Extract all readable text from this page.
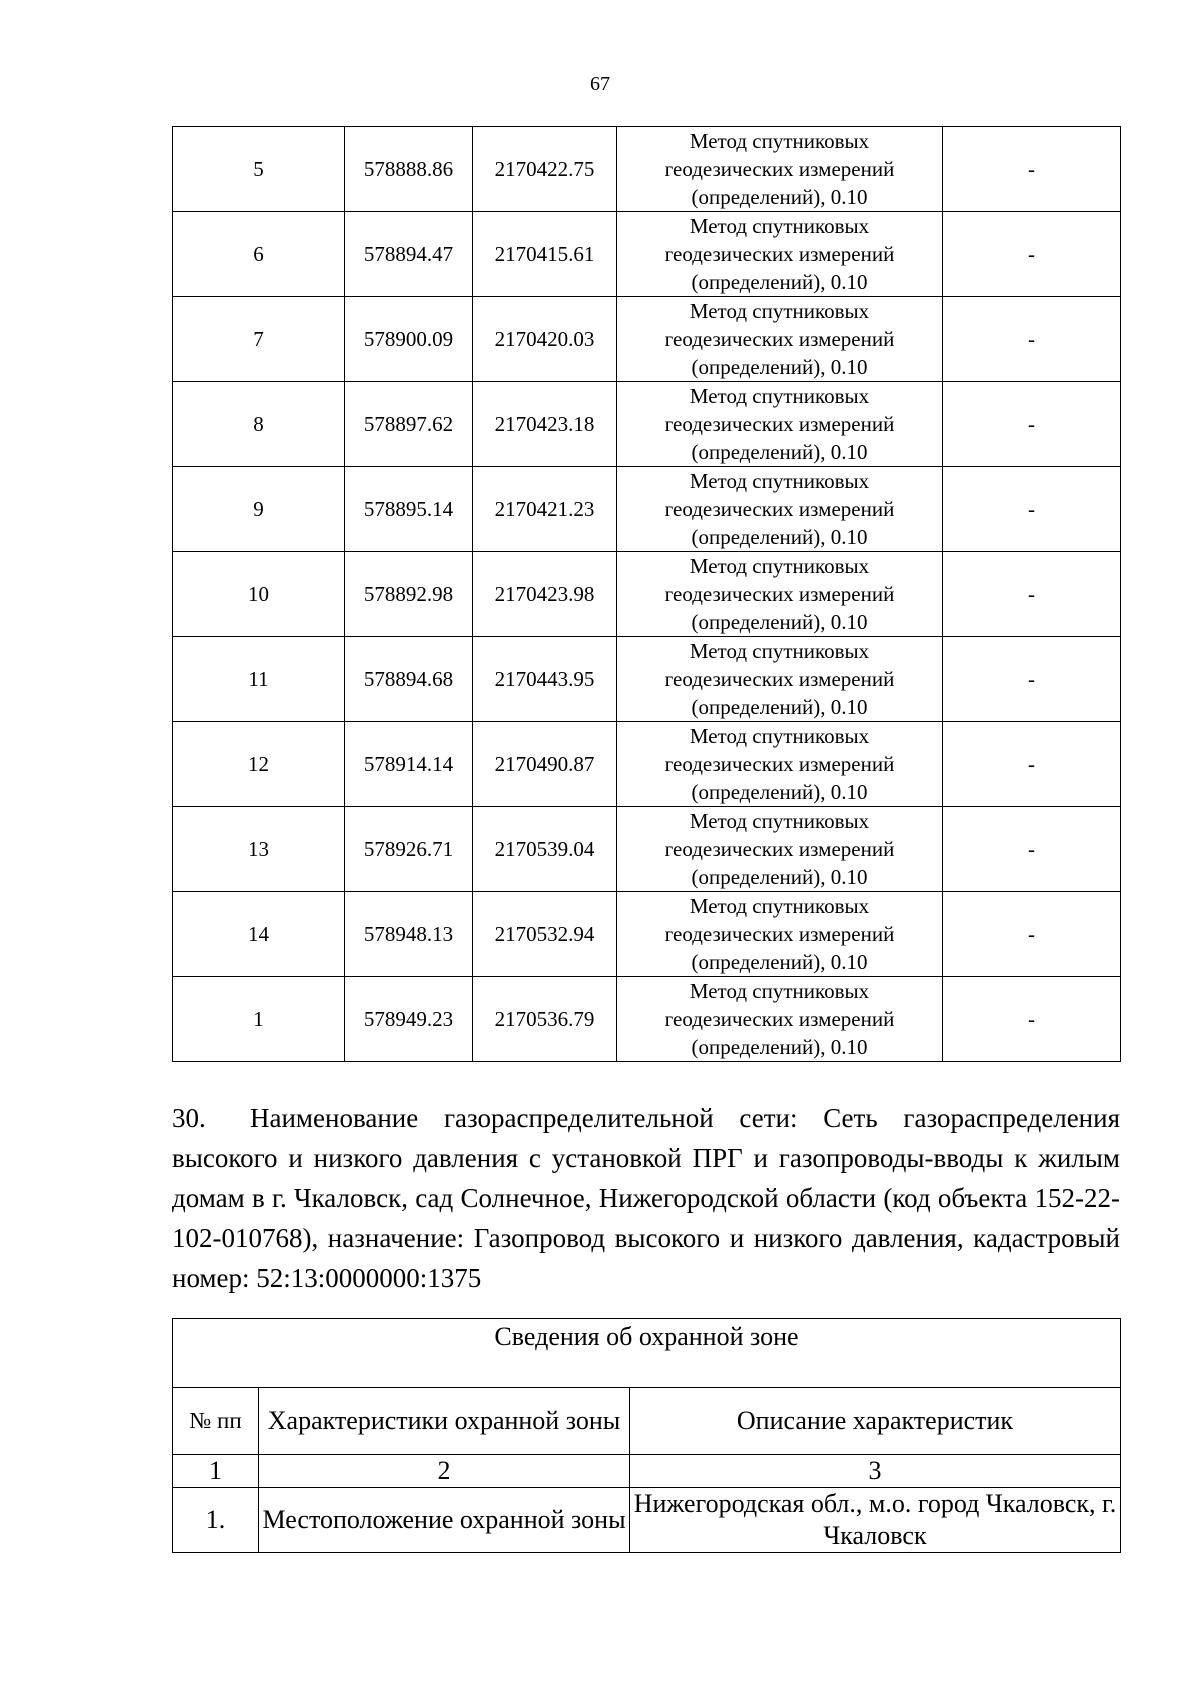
67
5	578888.86	2170422.75	Метод спутниковых
геодезических измерений
(определений), 0.10	-
6	578894.47	2170415.61	Метод спутниковых
геодезических измерений
(определений), 0.10	-
7	578900.09	2170420.03	Метод спутниковых
геодезических измерений
(определений), 0.10	-
8	578897.62	2170423.18	Метод спутниковых
геодезических измерений
(определений), 0.10	-
9	578895.14	2170421.23	Метод спутниковых
геодезических измерений
(определений), 0.10	-
10	578892.98	2170423.98	Метод спутниковых
геодезических измерений
(определений), 0.10	-
11	578894.68	2170443.95	Метод спутниковых
геодезических измерений
(определений), 0.10	-
12	578914.14	2170490.87	Метод спутниковых
геодезических измерений
(определений), 0.10	-
13	578926.71	2170539.04	Метод спутниковых
геодезических измерений
(определений), 0.10	-
14	578948.13	2170532.94	Метод спутниковых
геодезических измерений
(определений), 0.10	-
1	578949.23	2170536.79	Метод спутниковых
геодезических измерений
(определений), 0.10	-
30. Наименование газораспределительной сети: Сеть газораспределения высокого и низкого давления с установкой ПРГ и газопроводы-вводы к жилым домам в г. Чкаловск, сад Солнечное, Нижегородской области (код объекта 152-22-102-010768), назначение: Газопровод высокого и низкого давления, кадастровый номер: 52:13:0000000:1375
Сведения об охранной зоне		
№ пп	Характеристики охранной зоны	Описание характеристик
1	2	3
1.	Местоположение охранной зоны	Нижегородская обл., м.о. город Чкаловск, г. Чкаловск
